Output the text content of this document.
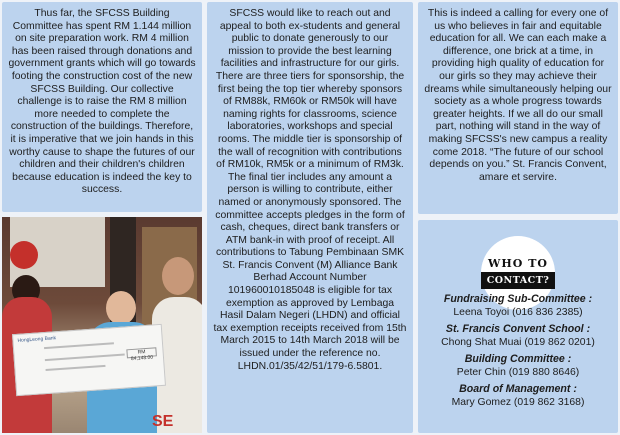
Thus far, the SFCSS Building Committee has spent RM 1.144 million on site preparation work. RM 4 million has been raised through donations and government grants which will go towards footing the construction cost of the new SFCSS Building. Our collective challenge is to raise the RM 8 million more needed to complete the construction of the buildings. Therefore, it is imperative that we join hands in this worthy cause to shape the futures of our children and their children's children because education is indeed the key to success.

HongLeong Bank
RM 84,148.00
SE

SFCSS would like to reach out and appeal to both ex-students and general public to donate generously to our mission to provide the best learning facilities and infrastructure for our girls. There are three tiers for sponsorship, the first being the top tier whereby sponsors of RM88k, RM60k or RM50k will have naming rights for classrooms, science laboratories, workshops and special rooms. The middle tier is sponsorship of the wall of recognition with contributions of RM10k, RM5k or a minimum of RM3k. The final tier includes any amount a person is willing to contribute, either named or anonymously sponsored. The committee accepts pledges in the form of cash, cheques, direct bank transfers or ATM bank-in with proof of receipt. All contributions to Tabung Pembinaan SMK St. Francis Convent (M) Alliance Bank Berhad Account Number 101960010185048 is eligible for tax exemption as approved by Lembaga Hasil Dalam Negeri (LHDN) and official tax exemption receipts received from 15th March 2015 to 14th March 2018 will be issued under the reference no. LHDN.01/35/42/51/179-6.5801.

This is indeed a calling for every one of us who believes in fair and equitable education for all. We can each make a difference, one brick at a time, in providing high quality of education for our girls so they may achieve their dreams while simultaneously helping our society as a whole progress towards greater heights. If we all do our small part, nothing will stand in the way of making SFCSS's new campus a reality come 2018. “The future of our school depends on you.” St. Francis Convent, amare et servire.

WHO TO
CONTACT?
Fundraising Sub-Committee :
Leena Toyoi (016 836 2385)
St. Francis Convent School :
Chong Shat Muai (019 862 0201)
Building Committee :
Peter Chin (019 880 8646)
Board of Management :
Mary Gomez (019 862 3168)
